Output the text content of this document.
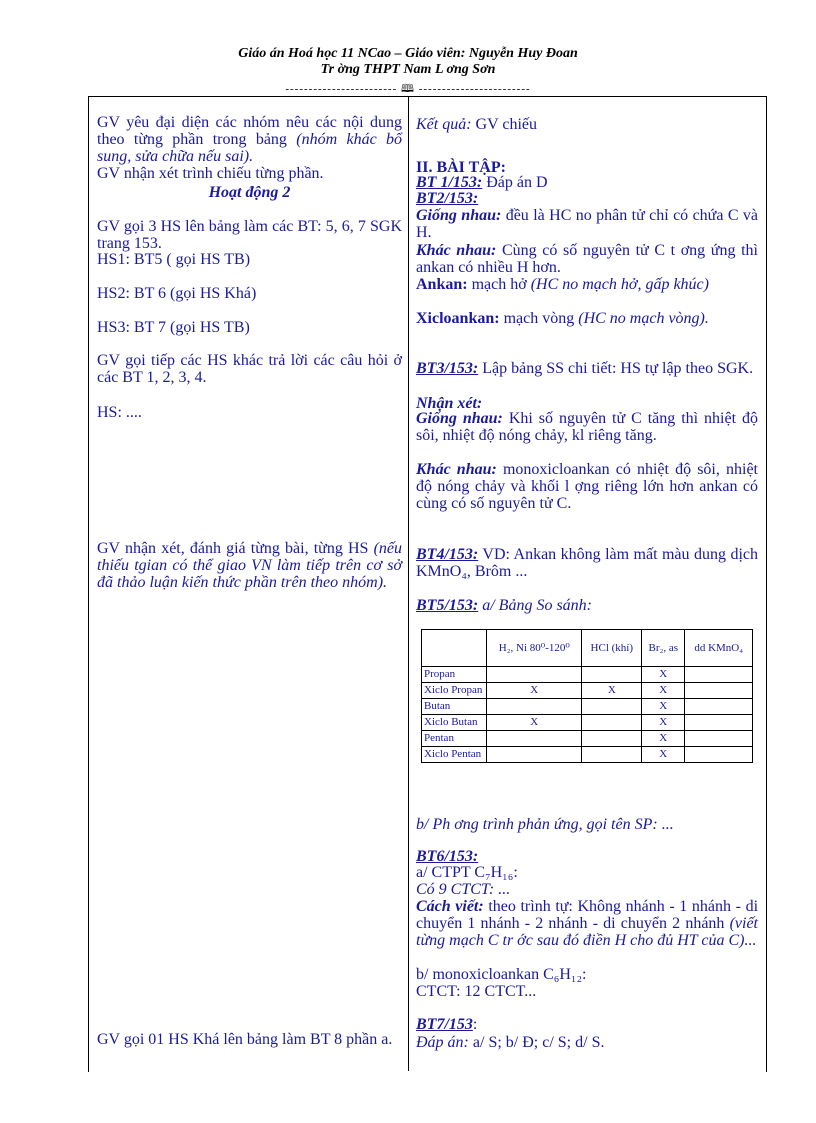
Giáo án Hoá học 11 NCao – Giáo viên: Nguyễn Huy Đoan
Tr ờng THPT Nam L ơng Sơn
------------------------ 🕮 ------------------------

GV yêu đại diện các nhóm nêu các nội dung theo từng phần trong bảng (nhóm khác bổ sung, sửa chữa nếu sai).
GV nhận xét trình chiếu từng phần.

Hoạt động 2

GV gọi 3 HS lên bảng làm các BT: 5, 6, 7 SGK trang 153.

HS1: BT5 ( gọi HS TB)
HS2: BT 6 (gọi HS Khá)
HS3: BT 7 (gọi HS TB)

GV gọi tiếp các HS khác trả lời các câu hỏi ở các BT 1, 2, 3, 4.

HS: ....

GV nhận xét, đánh giá từng bài, từng HS (nếu thiếu tgian có thể giao VN làm tiếp trên cơ sở đã thảo luận kiến thức phần trên theo nhóm).

GV gọi 01 HS Khá lên bảng làm BT 8 phần a.

Kết quả: GV chiếu
II. BÀI TẬP:
BT 1/153: Đáp án D
BT2/153:

Giống nhau: đều là HC no phân tử chỉ có chứa C và H.

Khác nhau: Cùng có số nguyên tử C t ơng ứng thì ankan có nhiều H hơn.

Ankan: mạch hở (HC no mạch hở, gấp khúc)

Xicloankan: mạch vòng (HC no mạch vòng).

BT3/153: Lập bảng SS chi tiết: HS tự lập theo SGK.

Nhận xét:

Giống nhau: Khi số nguyên tử C tăng thì nhiệt độ sôi, nhiệt độ nóng chảy, kl riêng tăng.

Khác nhau: monoxicloankan có nhiệt độ sôi, nhiệt độ nóng chảy và khối l ợng riêng lớn hơn ankan có cùng có số nguyên tử C.

BT4/153: VD: Ankan không làm mất màu dung dịch KMnO₄, Brôm ...

BT5/153: a/ Bảng So sánh:
b/ Ph ơng trình phản ứng, gọi tên SP: ...
BT6/153:
a/ CTPT C₇H₁₆:
Có 9 CTCT: ...

Cách viết: theo trình tự: Không nhánh - 1 nhánh - di chuyển 1 nhánh - 2 nhánh - di chuyển 2 nhánh (viết từng mạch C tr ớc sau đó điền H cho đủ HT của C)...

b/ monoxicloankan C₆H₁₂:
CTCT: 12 CTCT...
BT7/153:
Đáp án: a/ S; b/ Đ; c/ S; d/ S.
	H₂, Ni 80⁰-120⁰	HCl (khí)	Br₂, as	dd KMnO₄
Propan			X	
Xiclo Propan	X	X	X	
Butan			X	
Xiclo Butan	X		X	
Pentan			X	
Xiclo Pentan			X	
